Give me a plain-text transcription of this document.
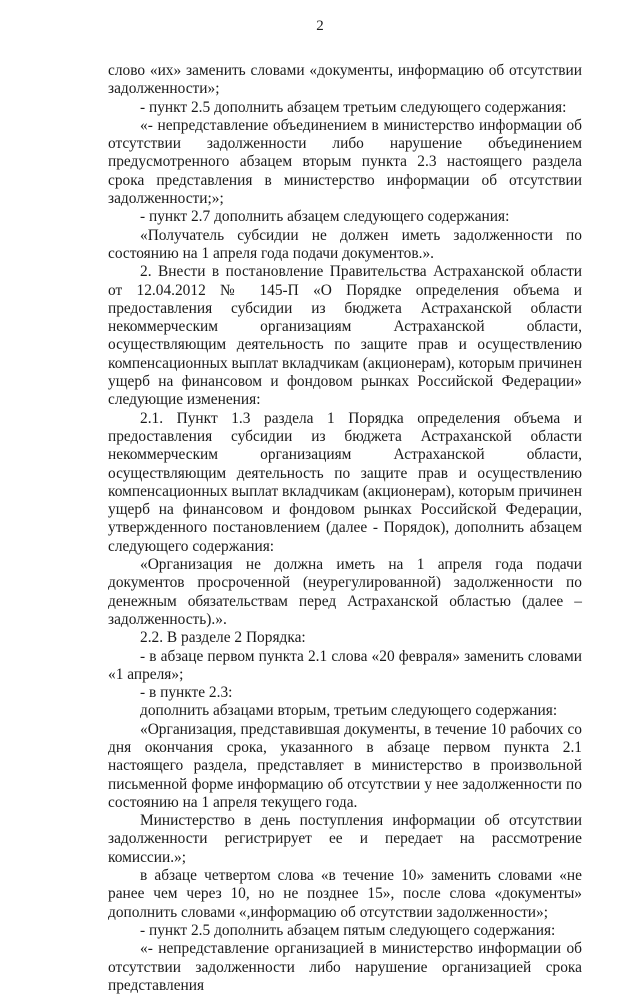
2

слово «их» заменить словами «документы, информацию об отсутствии задолженности»;

- пункт 2.5 дополнить абзацем третьим следующего содержания:

«- непредставление объединением в министерство информации об отсутствии задолженности либо нарушение объединением предусмотренного абзацем вторым пункта 2.3 настоящего раздела срока представления в министерство информации об отсутствии задолженности;»;

- пункт 2.7 дополнить абзацем следующего содержания:

«Получатель субсидии не должен иметь задолженности по состоянию на 1 апреля года подачи документов.».

2. Внести в постановление Правительства Астраханской области от 12.04.2012 № 145-П «О Порядке определения объема и предоставления субсидии из бюджета Астраханской области некоммерческим организациям Астраханской области, осуществляющим деятельность по защите прав и осуществлению компенсационных выплат вкладчикам (акционерам), которым причинен ущерб на финансовом и фондовом рынках Российской Федерации» следующие изменения:

2.1. Пункт 1.3 раздела 1 Порядка определения объема и предоставления субсидии из бюджета Астраханской области некоммерческим организациям Астраханской области, осуществляющим деятельность по защите прав и осуществлению компенсационных выплат вкладчикам (акционерам), которым причинен ущерб на финансовом и фондовом рынках Российской Федерации, утвержденного постановлением (далее - Порядок), дополнить абзацем следующего содержания:

«Организация не должна иметь на 1 апреля года подачи документов просроченной (неурегулированной) задолженности по денежным обязательствам перед Астраханской областью (далее – задолженность).».

2.2. В разделе 2 Порядка:

- в абзаце первом пункта 2.1 слова «20 февраля» заменить словами «1 апреля»;

- в пункте 2.3:

дополнить абзацами вторым, третьим следующего содержания:

«Организация, представившая документы, в течение 10 рабочих со дня окончания срока, указанного в абзаце первом пункта 2.1 настоящего раздела, представляет в министерство в произвольной письменной форме информацию об отсутствии у нее задолженности по состоянию на 1 апреля текущего года.

Министерство в день поступления информации об отсутствии задолженности регистрирует ее и передает на рассмотрение комиссии.»;

в абзаце четвертом слова «в течение 10» заменить словами «не ранее чем через 10, но не позднее 15», после слова «документы» дополнить словами «,информацию об отсутствии задолженности»;

- пункт 2.5 дополнить абзацем пятым следующего содержания:

«- непредставление организацией в министерство информации об отсутствии задолженности либо нарушение организацией срока представления
